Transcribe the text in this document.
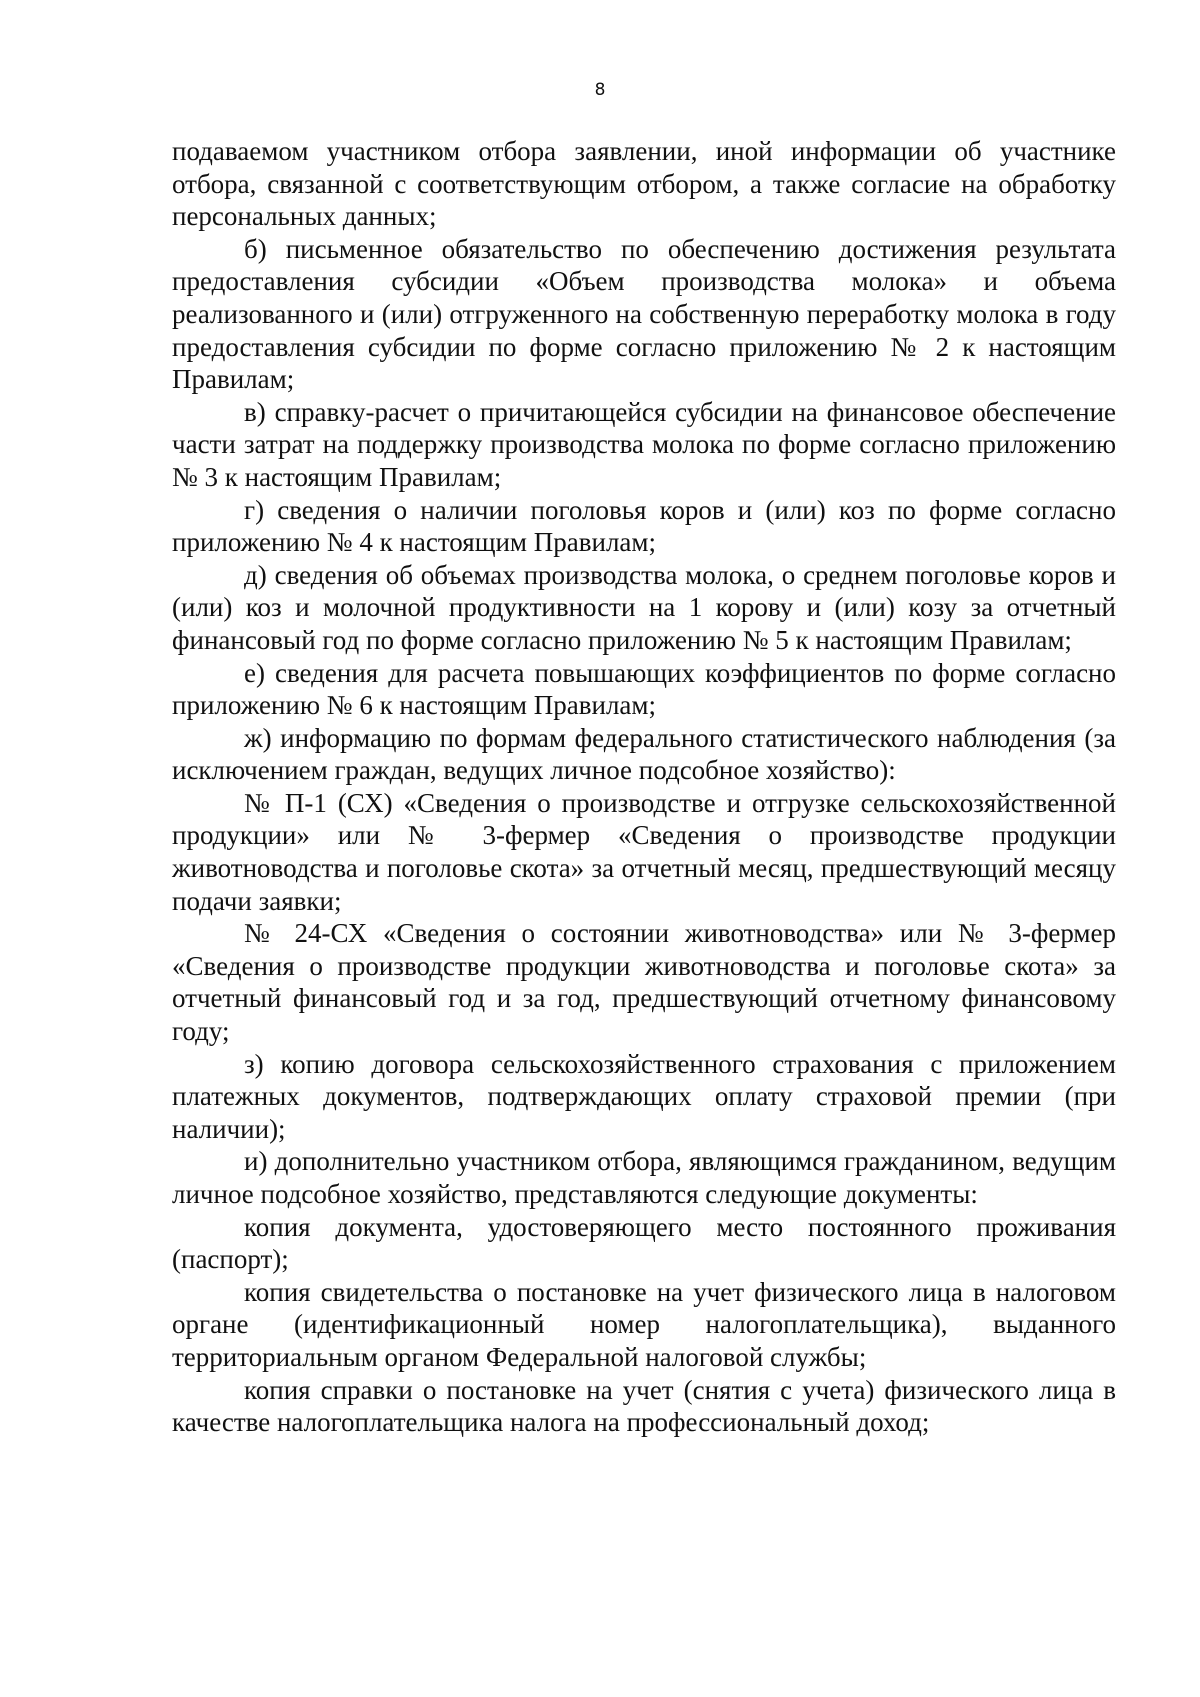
8

подаваемом участником отбора заявлении, иной информации об участнике отбора, связанной с соответствующим отбором, а также согласие на обработку персональных данных;

б) письменное обязательство по обеспечению достижения результата предоставления субсидии «Объем производства молока» и объема реализованного и (или) отгруженного на собственную переработку молока в году предоставления субсидии по форме согласно приложению № 2 к настоящим Правилам;

в) справку-расчет о причитающейся субсидии на финансовое обеспечение части затрат на поддержку производства молока по форме согласно приложению № 3 к настоящим Правилам;

г) сведения о наличии поголовья коров и (или) коз по форме согласно приложению № 4 к настоящим Правилам;

д) сведения об объемах производства молока, о среднем поголовье коров и (или) коз и молочной продуктивности на 1 корову и (или) козу за отчетный финансовый год по форме согласно приложению № 5 к настоящим Правилам;

е) сведения для расчета повышающих коэффициентов по форме согласно приложению № 6 к настоящим Правилам;

ж) информацию по формам федерального статистического наблюдения (за исключением граждан, ведущих личное подсобное хозяйство):

№ П-1 (СХ) «Сведения о производстве и отгрузке сельскохозяйственной продукции» или № 3-фермер «Сведения о производстве продукции животноводства и поголовье скота» за отчетный месяц, предшествующий месяцу подачи заявки;

№ 24-СХ «Сведения о состоянии животноводства» или № 3-фермер «Сведения о производстве продукции животноводства и поголовье скота» за отчетный финансовый год и за год, предшествующий отчетному финансовому году;

з) копию договора сельскохозяйственного страхования с приложением платежных документов, подтверждающих оплату страховой премии (при наличии);

и) дополнительно участником отбора, являющимся гражданином, ведущим личное подсобное хозяйство, представляются следующие документы:

копия документа, удостоверяющего место постоянного проживания (паспорт);

копия свидетельства о постановке на учет физического лица в налоговом органе (идентификационный номер налогоплательщика), выданного территориальным органом Федеральной налоговой службы;

копия справки о постановке на учет (снятия с учета) физического лица в качестве налогоплательщика налога на профессиональный доход;
